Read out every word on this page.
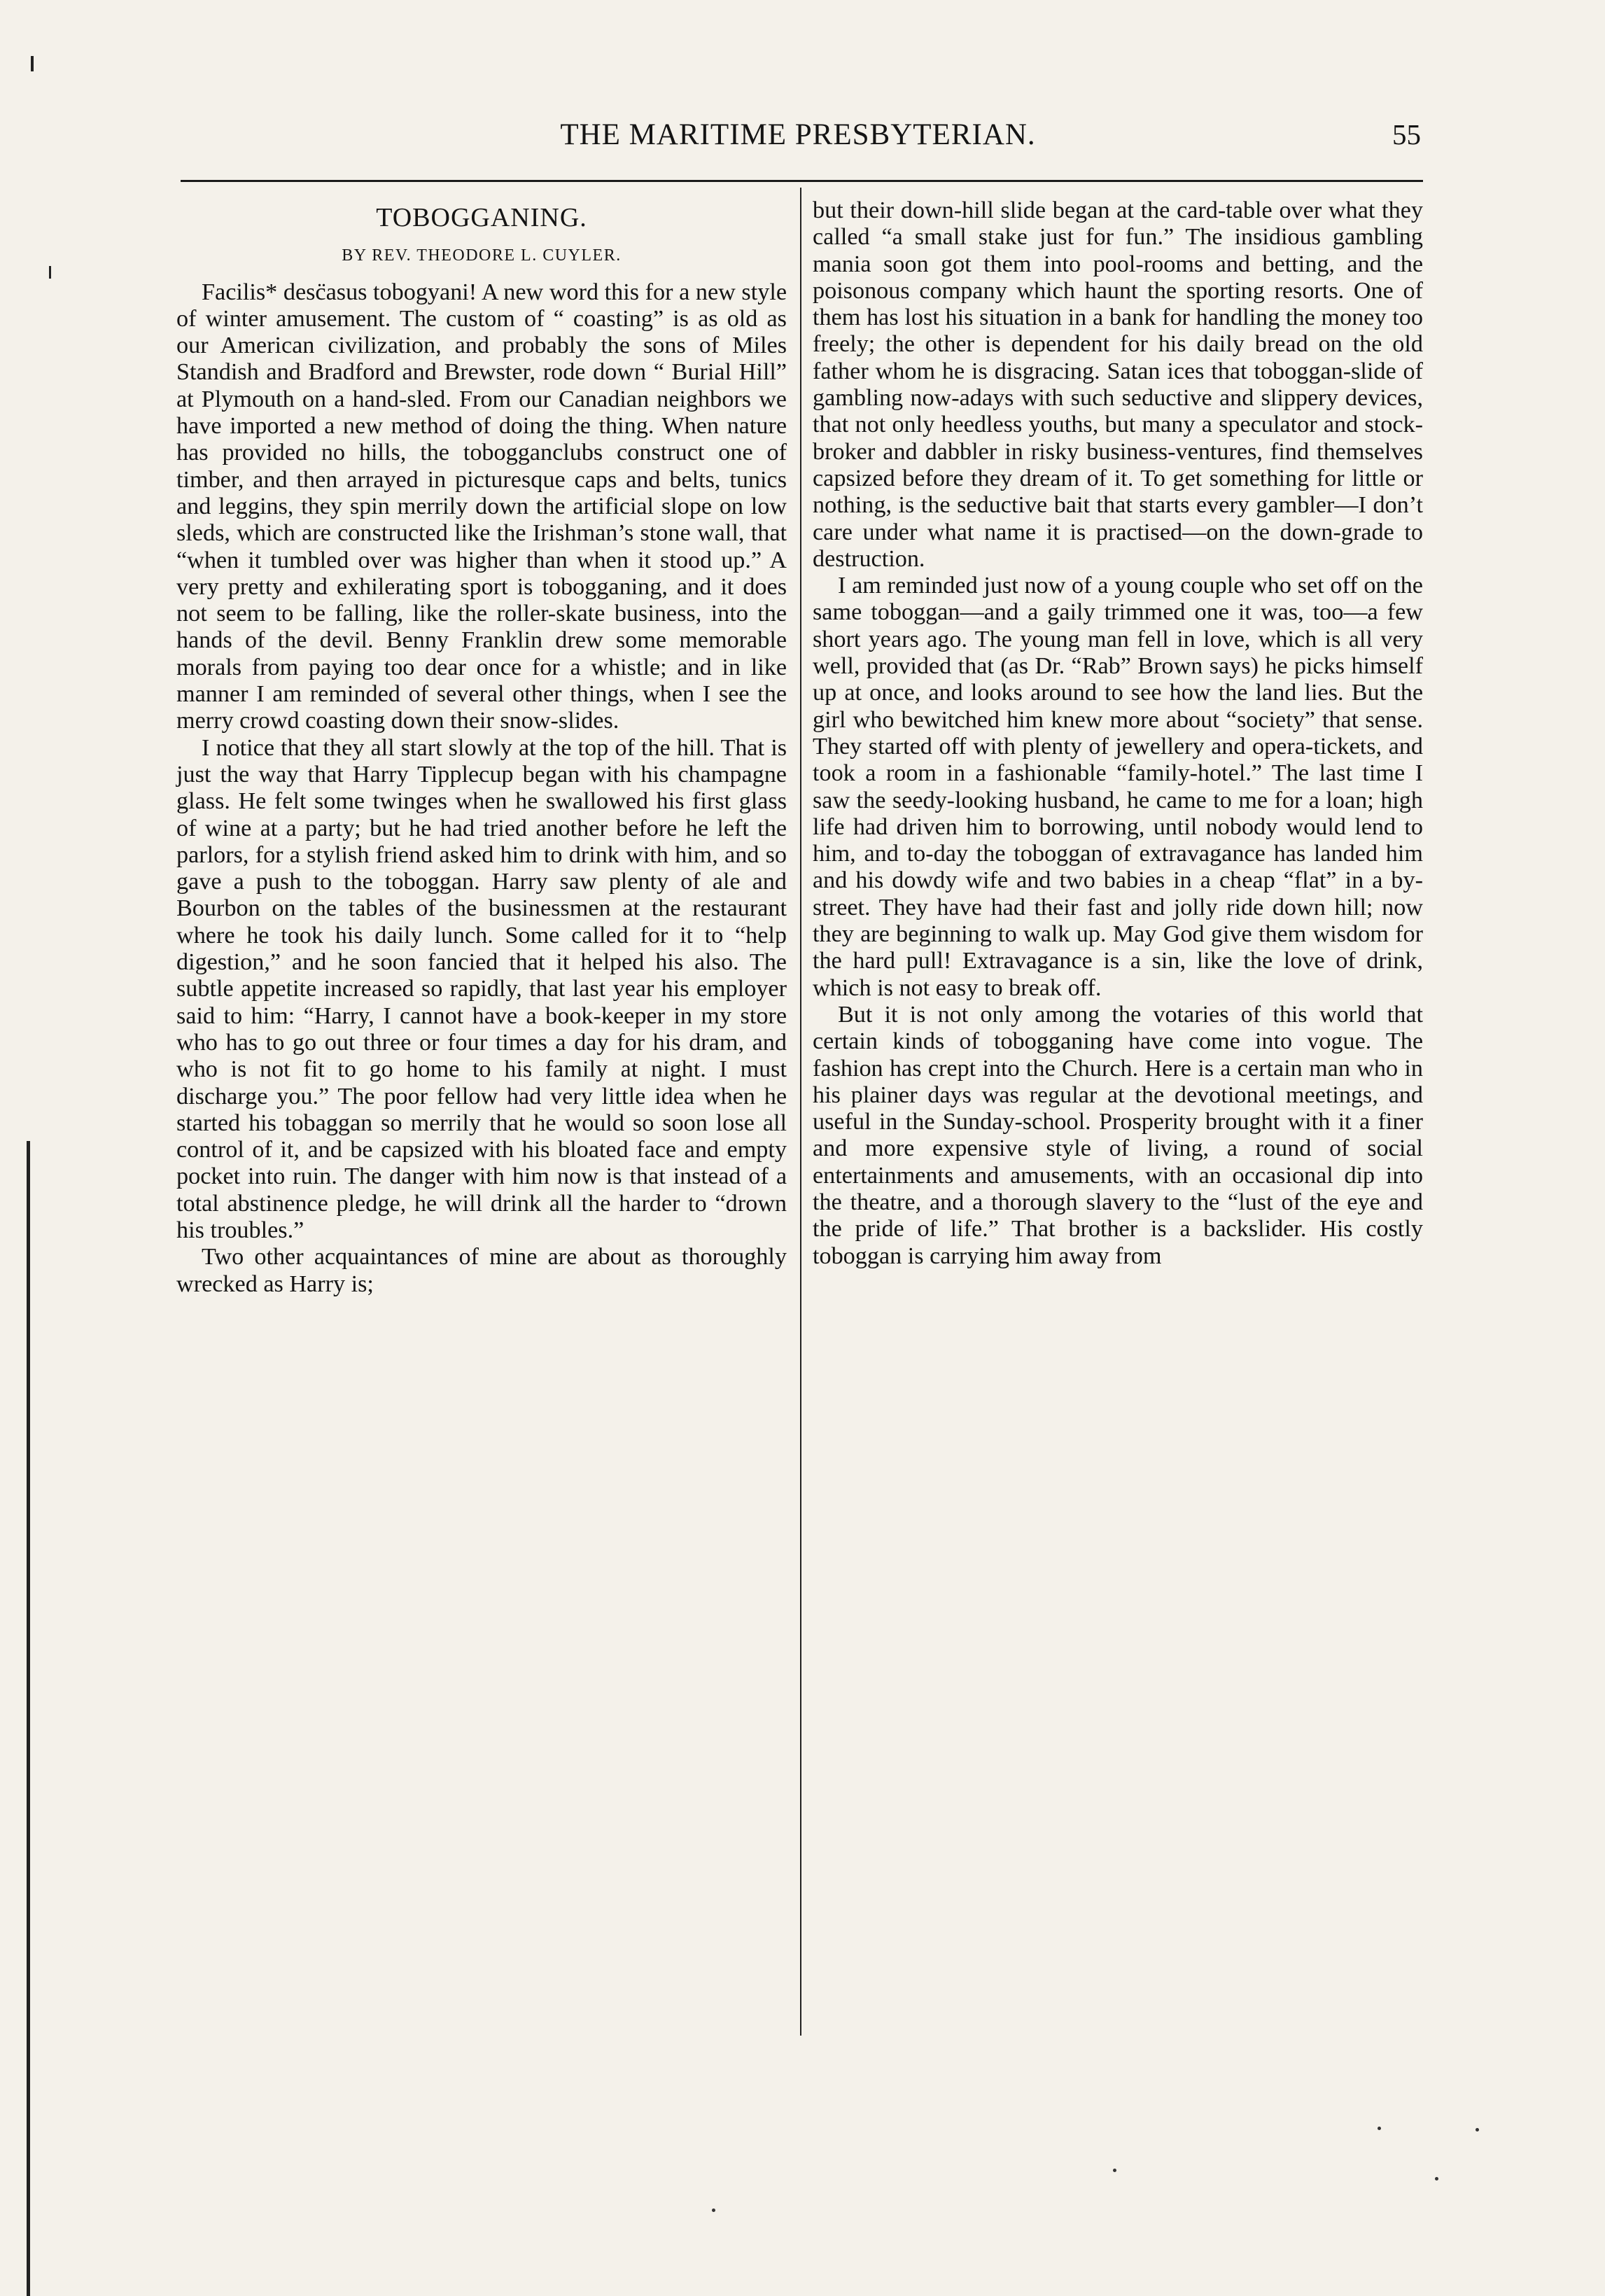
THE MARITIME PRESBYTERIAN.	55
TOBOGGANING.
BY REV. THEODORE L. CUYLER.

Facilis* desc̈asus tobogyani! A new word this for a new style of winter amusement. The custom of “ coasting” is as old as our American civilization, and probably the sons of Miles Standish and Bradford and Brewster, rode down “ Burial Hill” at Plymouth on a hand-sled. From our Canadian neighbors we have imported a new method of doing the thing. When nature has provided no hills, the tobogganclubs construct one of timber, and then arrayed in picturesque caps and belts, tunics and leggins, they spin merrily down the artificial slope on low sleds, which are constructed like the Irishman’s stone wall, that “when it tumbled over was higher than when it stood up.” A very pretty and exhilerating sport is tobogganing, and it does not seem to be falling, like the roller-skate business, into the hands of the devil. Benny Franklin drew some memorable morals from paying too dear once for a whistle; and in like manner I am reminded of several other things, when I see the merry crowd coasting down their snow-slides.

I notice that they all start slowly at the top of the hill. That is just the way that Harry Tipplecup began with his champagne glass. He felt some twinges when he swallowed his first glass of wine at a party; but he had tried another before he left the parlors, for a stylish friend asked him to drink with him, and so gave a push to the toboggan. Harry saw plenty of ale and Bourbon on the tables of the businessmen at the restaurant where he took his daily lunch. Some called for it to “help digestion,” and he soon fancied that it helped his also. The subtle appetite increased so rapidly, that last year his employer said to him: “Harry, I cannot have a book-keeper in my store who has to go out three or four times a day for his dram, and who is not fit to go home to his family at night. I must discharge you.” The poor fellow had very little idea when he started his tobaggan so merrily that he would so soon lose all control of it, and be capsized with his bloated face and empty pocket into ruin. The danger with him now is that instead of a total abstinence pledge, he will drink all the harder to “drown his troubles.”

Two other acquaintances of mine are about as thoroughly wrecked as Harry is;

but their down-hill slide began at the card-table over what they called “a small stake just for fun.” The insidious gambling mania soon got them into pool-rooms and betting, and the poisonous company which haunt the sporting resorts. One of them has lost his situation in a bank for handling the money too freely; the other is dependent for his daily bread on the old father whom he is disgracing. Satan ices that toboggan-slide of gambling now-adays with such seductive and slippery devices, that not only heedless youths, but many a speculator and stock-broker and dabbler in risky business-ventures, find themselves capsized before they dream of it. To get something for little or nothing, is the seductive bait that starts every gambler—I don’t care under what name it is practised—on the down-grade to destruction.

I am reminded just now of a young couple who set off on the same toboggan—and a gaily trimmed one it was, too—a few short years ago. The young man fell in love, which is all very well, provided that (as Dr. “Rab” Brown says) he picks himself up at once, and looks around to see how the land lies. But the girl who bewitched him knew more about “society” that sense. They started off with plenty of jewellery and opera-tickets, and took a room in a fashionable “family-hotel.” The last time I saw the seedy-looking husband, he came to me for a loan; high life had driven him to borrowing, until nobody would lend to him, and to-day the toboggan of extravagance has landed him and his dowdy wife and two babies in a cheap “flat” in a by-street. They have had their fast and jolly ride down hill; now they are beginning to walk up. May God give them wisdom for the hard pull! Extravagance is a sin, like the love of drink, which is not easy to break off.

But it is not only among the votaries of this world that certain kinds of tobogganing have come into vogue. The fashion has crept into the Church. Here is a certain man who in his plainer days was regular at the devotional meetings, and useful in the Sunday-school. Prosperity brought with it a finer and more expensive style of living, a round of social entertainments and amusements, with an occasional dip into the theatre, and a thorough slavery to the “lust of the eye and the pride of life.” That brother is a backslider. His costly toboggan is carrying him away from
